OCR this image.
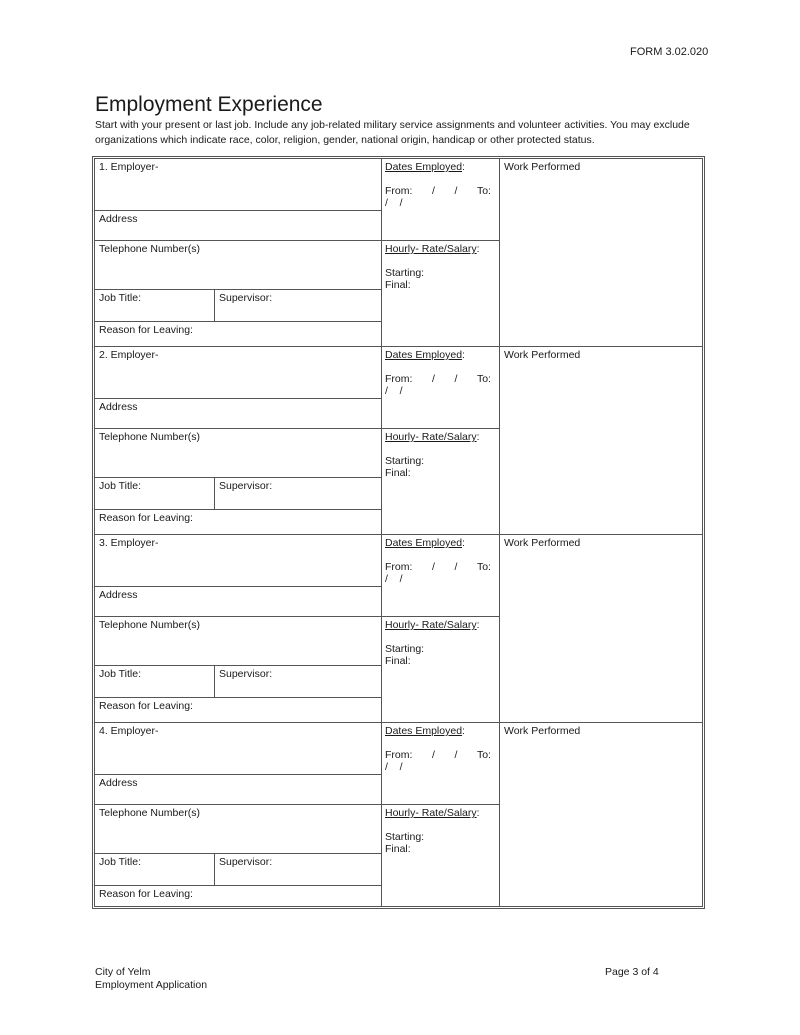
FORM 3.02.020
Employment Experience
Start with your present or last job. Include any job-related military service assignments and volunteer activities. You may exclude organizations which indicate race, color, religion, gender, national origin, handicap or other protected status.
1. Employer-
Address
Telephone Number(s)
Job Title:	Supervisor:
Reason for Leaving:
Dates Employed:
From: / / To:
/ /
Hourly- Rate/Salary:
Starting:
Final:
Work Performed
2. Employer-
Address
Telephone Number(s)
Job Title:	Supervisor:
Reason for Leaving:
Dates Employed:
From: / / To:
/ /
Hourly- Rate/Salary:
Starting:
Final:
Work Performed
3. Employer-
Address
Telephone Number(s)
Job Title:	Supervisor:
Reason for Leaving:
Dates Employed:
From: / / To:
/ /
Hourly- Rate/Salary:
Starting:
Final:
Work Performed
4. Employer-
Address
Telephone Number(s)
Job Title:	Supervisor:
Reason for Leaving:
Dates Employed:
From: / / To:
/ /
Hourly- Rate/Salary:
Starting:
Final:
Work Performed
City of Yelm
Employment Application
Page 3 of 4
